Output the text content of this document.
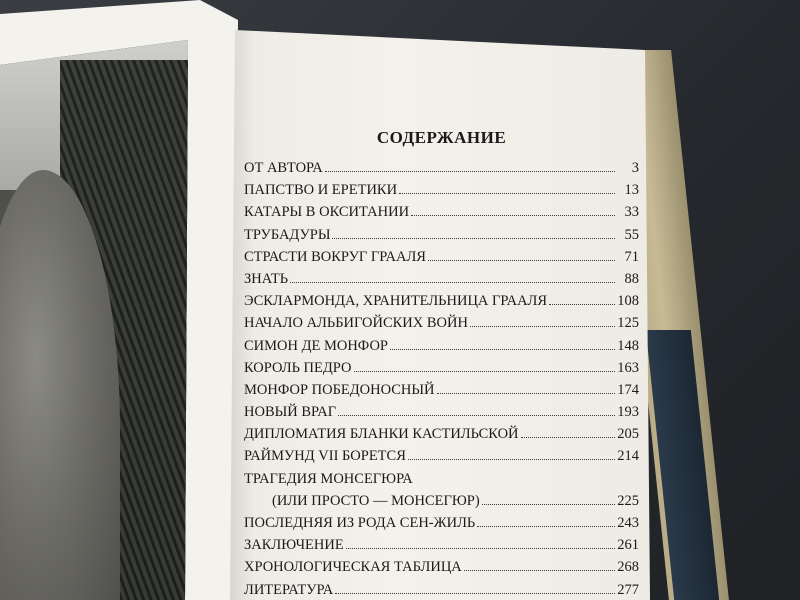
СОДЕРЖАНИЕ
ОТ АВТОРА	3
ПАПСТВО И ЕРЕТИКИ	13
КАТАРЫ В ОКСИТАНИИ	33
ТРУБАДУРЫ	55
СТРАСТИ ВОКРУГ ГРААЛЯ	71
ЗНАТЬ	88
ЭСКЛАРМОНДА, ХРАНИТЕЛЬНИЦА ГРААЛЯ	108
НАЧАЛО АЛЬБИГОЙСКИХ ВОЙН	125
СИМОН ДЕ МОНФОР	148
КОРОЛЬ ПЕДРО	163
МОНФОР ПОБЕДОНОСНЫЙ	174
НОВЫЙ ВРАГ	193
ДИПЛОМАТИЯ БЛАНКИ КАСТИЛЬСКОЙ	205
РАЙМУНД VII БОРЕТСЯ	214
ТРАГЕДИЯ МОНСЕГЮРА
(ИЛИ ПРОСТО — МОНСЕГЮР)	225
ПОСЛЕДНЯЯ ИЗ РОДА СЕН-ЖИЛЬ	243
ЗАКЛЮЧЕНИЕ	261
ХРОНОЛОГИЧЕСКАЯ ТАБЛИЦА	268
ЛИТЕРАТУРА	277
